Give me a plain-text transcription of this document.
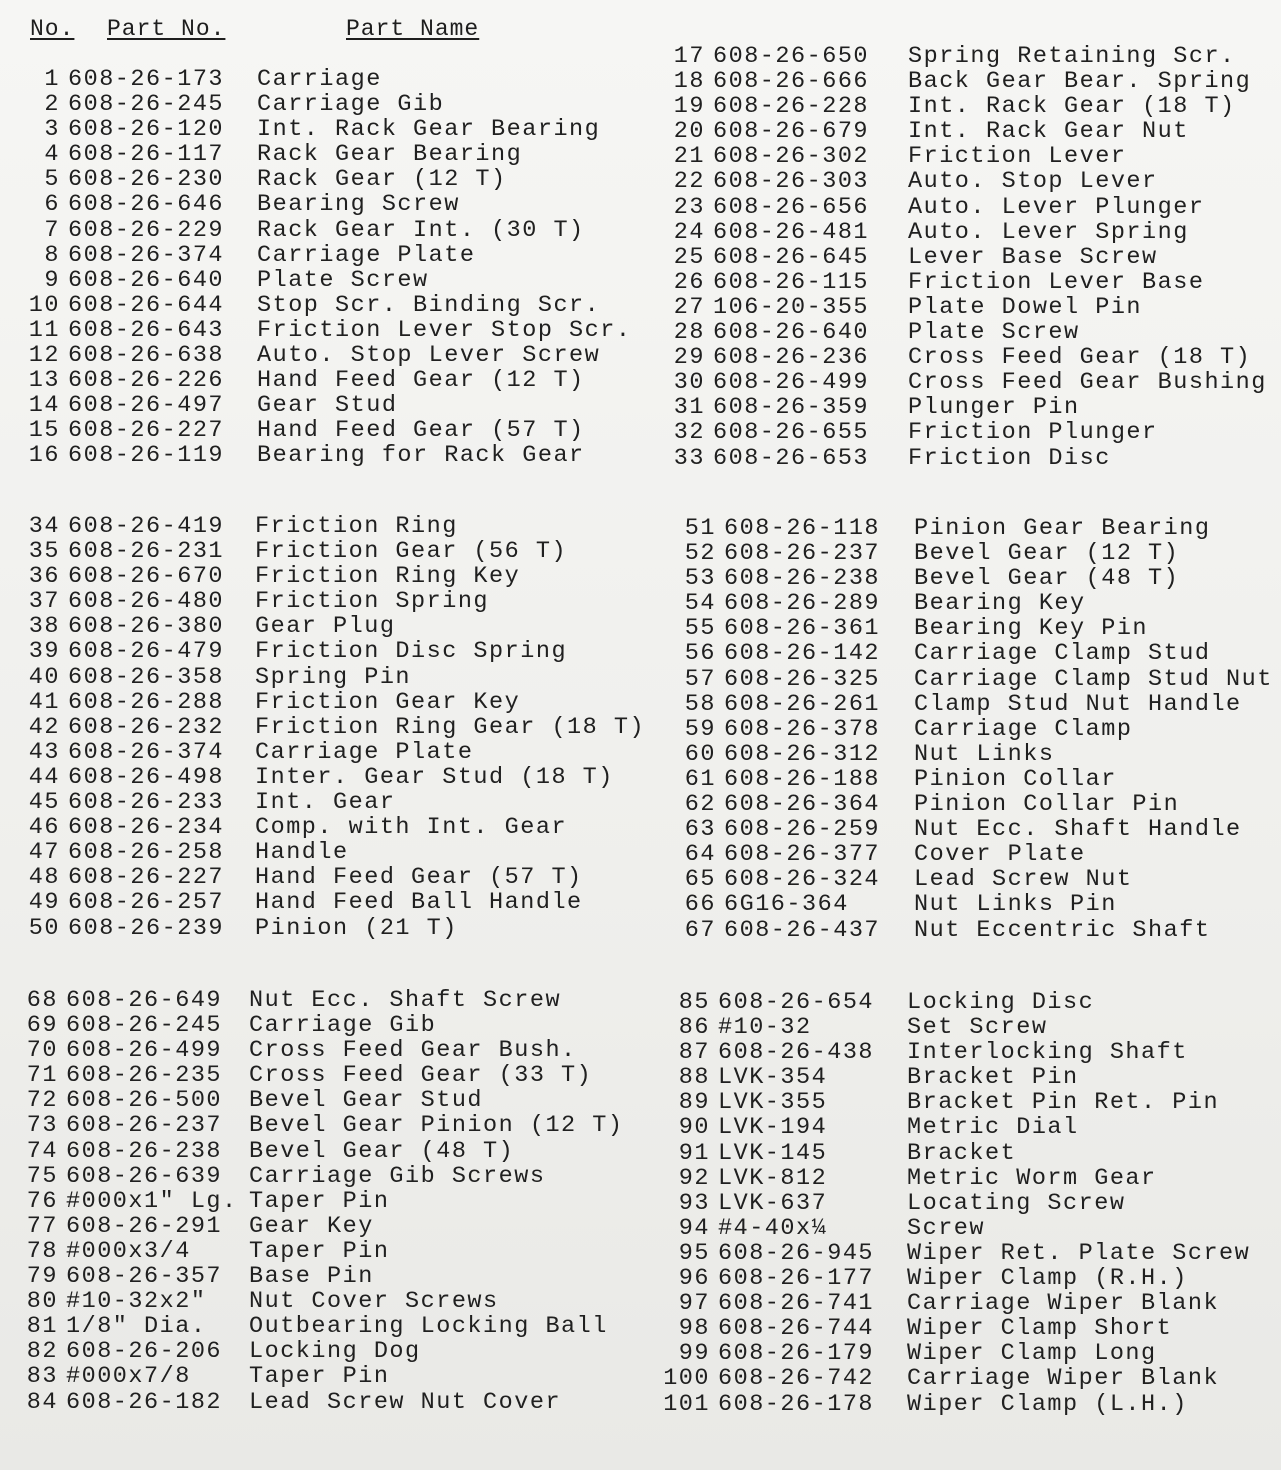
No. Part No.	Part Name
1 608-26-173 Carriage
2 608-26-245 Carriage Gib
3 608-26-120 Int. Rack Gear Bearing
4 608-26-117 Rack Gear Bearing
5 608-26-230 Rack Gear (12 T)
6 608-26-646 Bearing Screw
7 608-26-229 Rack Gear Int. (30 T)
8 608-26-374 Carriage Plate
9 608-26-640 Plate Screw
10 608-26-644 Stop Scr. Binding Scr.
11 608-26-643 Friction Lever Stop Scr.
12 608-26-638 Auto. Stop Lever Screw
13 608-26-226 Hand Feed Gear (12 T)
14 608-26-497 Gear Stud
15 608-26-227 Hand Feed Gear (57 T)
16 608-26-119 Bearing for Rack Gear
17 608-26-650 Spring Retaining Scr.
18 608-26-666 Back Gear Bear. Spring
19 608-26-228 Int. Rack Gear (18 T)
20 608-26-679 Int. Rack Gear Nut
21 608-26-302 Friction Lever
22 608-26-303 Auto. Stop Lever
23 608-26-656 Auto. Lever Plunger
24 608-26-481 Auto. Lever Spring
25 608-26-645 Lever Base Screw
26 608-26-115 Friction Lever Base
27 106-20-355 Plate Dowel Pin
28 608-26-640 Plate Screw
29 608-26-236 Cross Feed Gear (18 T)
30 608-26-499 Cross Feed Gear Bushing
31 608-26-359 Plunger Pin
32 608-26-655 Friction Plunger
33 608-26-653 Friction Disc
34 608-26-419 Friction Ring
35 608-26-231 Friction Gear (56 T)
36 608-26-670 Friction Ring Key
37 608-26-480 Friction Spring
38 608-26-380 Gear Plug
39 608-26-479 Friction Disc Spring
40 608-26-358 Spring Pin
41 608-26-288 Friction Gear Key
42 608-26-232 Friction Ring Gear (18 T)
43 608-26-374 Carriage Plate
44 608-26-498 Inter. Gear Stud (18 T)
45 608-26-233 Int. Gear
46 608-26-234 Comp. with Int. Gear
47 608-26-258 Handle
48 608-26-227 Hand Feed Gear (57 T)
49 608-26-257 Hand Feed Ball Handle
50 608-26-239 Pinion (21 T)
51 608-26-118 Pinion Gear Bearing
52 608-26-237 Bevel Gear (12 T)
53 608-26-238 Bevel Gear (48 T)
54 608-26-289 Bearing Key
55 608-26-361 Bearing Key Pin
56 608-26-142 Carriage Clamp Stud
57 608-26-325 Carriage Clamp Stud Nut
58 608-26-261 Clamp Stud Nut Handle
59 608-26-378 Carriage Clamp
60 608-26-312 Nut Links
61 608-26-188 Pinion Collar
62 608-26-364 Pinion Collar Pin
63 608-26-259 Nut Ecc. Shaft Handle
64 608-26-377 Cover Plate
65 608-26-324 Lead Screw Nut
66 6G16-364	Nut Links Pin
67 608-26-437 Nut Eccentric Shaft
68 608-26-649 Nut Ecc. Shaft Screw
69 608-26-245 Carriage Gib
70 608-26-499 Cross Feed Gear Bush.
71 608-26-235 Cross Feed Gear (33 T)
72 608-26-500 Bevel Gear Stud
73 608-26-237 Bevel Gear Pinion (12 T)
74 608-26-238 Bevel Gear (48 T)
75 608-26-639 Carriage Gib Screws
76 #000x1" Lg. Taper Pin
77 608-26-291 Gear Key
78 #000x3/4 Taper Pin
79 608-26-357 Base Pin
80 #10-32x2" Nut Cover Screws
81 1/8" Dia. Outbearing Locking Ball
82 608-26-206 Locking Dog
83 #000x7/8 Taper Pin
84 608-26-182 Lead Screw Nut Cover
85 608-26-654 Locking Disc
86 #10-32	Set Screw
87 608-26-438 Interlocking Shaft
88 LVK-354	Bracket Pin
89 LVK-355	Bracket Pin Ret. Pin
90 LVK-194	Metric Dial
91 LVK-145	Bracket
92 LVK-812	Metric Worm Gear
93 LVK-637	Locating Screw
94 #4-40x¼	Screw
95 608-26-945 Wiper Ret. Plate Screw
96 608-26-177 Wiper Clamp (R.H.)
97 608-26-741 Carriage Wiper Blank
98 608-26-744 Wiper Clamp Short
99 608-26-179 Wiper Clamp Long
100 608-26-742 Carriage Wiper Blank
101 608-26-178 Wiper Clamp (L.H.)
